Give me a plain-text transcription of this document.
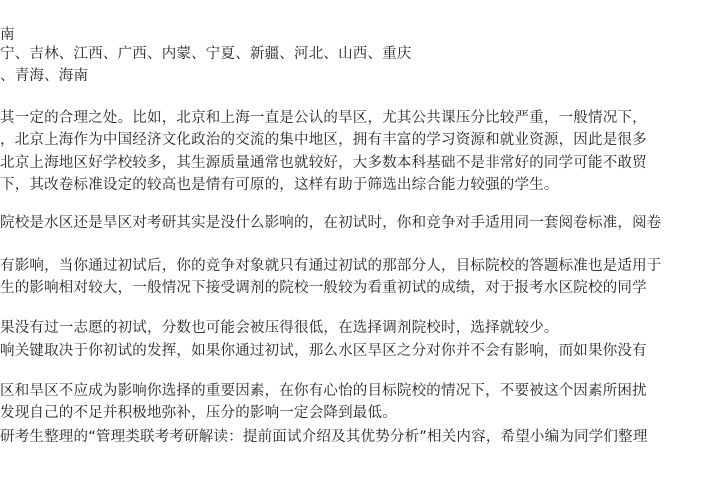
南
宁、吉林、江西、广西、内蒙、宁夏、新疆、河北、山西、重庆
、青海、海南
其一定的合理之处。比如，北京和上海一直是公认的旱区，尤其公共课压分比较严重，一般情况下，
，北京上海作为中国经济文化政治的交流的集中地区，拥有丰富的学习资源和就业资源，因此是很多
北京上海地区好学校较多，其生源质量通常也就较好，大多数本科基础不是非常好的同学可能不敢贸
下，其改卷标准设定的较高也是情有可原的，这样有助于筛选出综合能力较强的学生。
院校是水区还是旱区对考研其实是没什么影响的，在初试时，你和竞争对手适用同一套阅卷标准，阅卷
有影响，当你通过初试后，你的竞争对象就只有通过初试的那部分人，目标院校的答题标准也是适用于
生的影响相对较大，一般情况下接受调剂的院校一般较为看重初试的成绩，对于报考水区院校的同学
果没有过一志愿的初试，分数也可能会被压得很低，在选择调剂院校时，选择就较少。
响关键取决于你初试的发挥，如果你通过初试，那么水区旱区之分对你并不会有影响，而如果你没有
区和旱区不应成为影响你选择的重要因素，在你有心怡的目标院校的情况下，不要被这个因素所困扰
发现自己的不足并积极地弥补，压分的影响一定会降到最低。
研考生整理的“管理类联考考研解读：提前面试介绍及其优势分析”相关内容，希望小编为同学们整理
